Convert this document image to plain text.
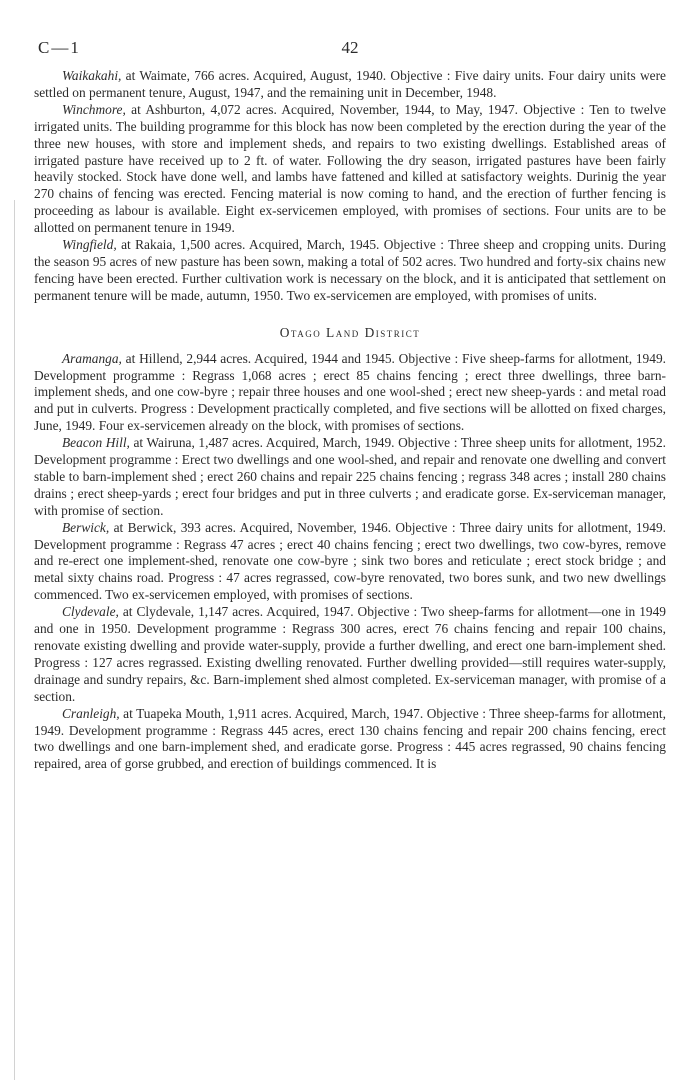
C—1	42

Waikakahi, at Waimate, 766 acres. Acquired, August, 1940. Objective : Five dairy units. Four dairy units were settled on permanent tenure, August, 1947, and the remaining unit in December, 1948.

Winchmore, at Ashburton, 4,072 acres. Acquired, November, 1944, to May, 1947. Objective : Ten to twelve irrigated units. The building programme for this block has now been completed by the erection during the year of the three new houses, with store and implement sheds, and repairs to two existing dwellings. Established areas of irrigated pasture have received up to 2 ft. of water. Following the dry season, irrigated pastures have been fairly heavily stocked. Stock have done well, and lambs have fattened and killed at satisfactory weights. Durinig the year 270 chains of fencing was erected. Fencing material is now coming to hand, and the erection of further fencing is proceeding as labour is available. Eight ex-servicemen employed, with promises of sections. Four units are to be allotted on permanent tenure in 1949.

Wingfield, at Rakaia, 1,500 acres. Acquired, March, 1945. Objective : Three sheep and cropping units. During the season 95 acres of new pasture has been sown, making a total of 502 acres. Two hundred and forty-six chains new fencing have been erected. Further cultivation work is necessary on the block, and it is anticipated that settlement on permanent tenure will be made, autumn, 1950. Two ex-servicemen are employed, with promises of units.

Otago Land District

Aramanga, at Hillend, 2,944 acres. Acquired, 1944 and 1945. Objective : Five sheep-farms for allotment, 1949. Development programme : Regrass 1,068 acres ; erect 85 chains fencing ; erect three dwellings, three barn-implement sheds, and one cow-byre ; repair three houses and one wool-shed ; erect new sheep-yards : and metal road and put in culverts. Progress : Development practically completed, and five sections will be allotted on fixed charges, June, 1949. Four ex-servicemen already on the block, with promises of sections.

Beacon Hill, at Wairuna, 1,487 acres. Acquired, March, 1949. Objective : Three sheep units for allotment, 1952. Development programme : Erect two dwellings and one wool-shed, and repair and renovate one dwelling and convert stable to barn-implement shed ; erect 260 chains and repair 225 chains fencing ; regrass 348 acres ; install 280 chains drains ; erect sheep-yards ; erect four bridges and put in three culverts ; and eradicate gorse. Ex-serviceman manager, with promise of section.

Berwick, at Berwick, 393 acres. Acquired, November, 1946. Objective : Three dairy units for allotment, 1949. Development programme : Regrass 47 acres ; erect 40 chains fencing ; erect two dwellings, two cow-byres, remove and re-erect one implement-shed, renovate one cow-byre ; sink two bores and reticulate ; erect stock bridge ; and metal sixty chains road. Progress : 47 acres regrassed, cow-byre renovated, two bores sunk, and two new dwellings commenced. Two ex-servicemen employed, with promises of sections.

Clydevale, at Clydevale, 1,147 acres. Acquired, 1947. Objective : Two sheep-farms for allotment—one in 1949 and one in 1950. Development programme : Regrass 300 acres, erect 76 chains fencing and repair 100 chains, renovate existing dwelling and provide water-supply, provide a further dwelling, and erect one barn-implement shed. Progress : 127 acres regrassed. Existing dwelling renovated. Further dwelling provided—still requires water-supply, drainage and sundry repairs, &c. Barn-implement shed almost completed. Ex-serviceman manager, with promise of a section.

Cranleigh, at Tuapeka Mouth, 1,911 acres. Acquired, March, 1947. Objective : Three sheep-farms for allotment, 1949. Development programme : Regrass 445 acres, erect 130 chains fencing and repair 200 chains fencing, erect two dwellings and one barn-implement shed, and eradicate gorse. Progress : 445 acres regrassed, 90 chains fencing repaired, area of gorse grubbed, and erection of buildings commenced. It is
